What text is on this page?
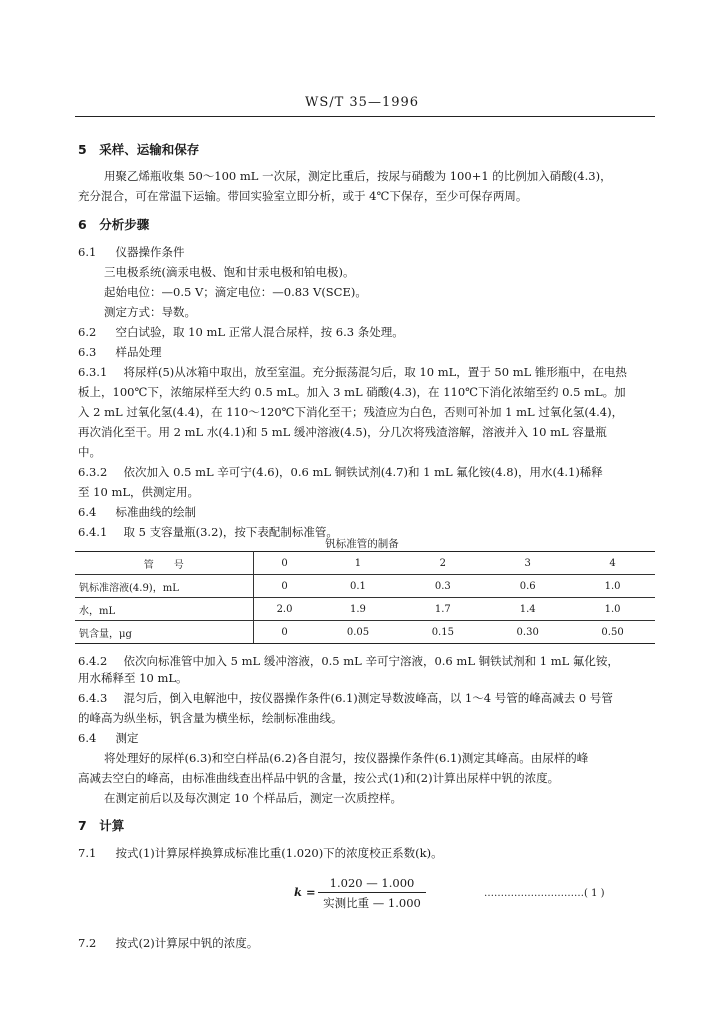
WS/T 35—1996
5　采样、运输和保存
用聚乙烯瓶收集 50～100 mL 一次尿，测定比重后，按尿与硝酸为 100+1 的比例加入硝酸(4.3)，
充分混合，可在常温下运输。带回实验室立即分析，或于 4℃下保存，至少可保存两周。
6　分析步骤
6.1　 仪器操作条件
三电极系统(滴汞电极、饱和甘汞电极和铂电极)。
起始电位：—0.5 V；滴定电位：—0.83 V(SCE)。
测定方式：导数。
6.2　 空白试验，取 10 mL 正常人混合尿样，按 6.3 条处理。
6.3　 样品处理
6.3.1　 将尿样(5)从冰箱中取出，放至室温。充分振荡混匀后，取 10 mL，置于 50 mL 锥形瓶中，在电热
板上，100℃下，浓缩尿样至大约 0.5 mL。加入 3 mL 硝酸(4.3)，在 110℃下消化浓缩至约 0.5 mL。加
入 2 mL 过氧化氢(4.4)，在 110～120℃下消化至干；残渣应为白色，否则可补加 1 mL 过氧化氢(4.4)，
再次消化至干。用 2 mL 水(4.1)和 5 mL 缓冲溶液(4.5)，分几次将残渣溶解，溶液并入 10 mL 容量瓶
中。
6.3.2　 依次加入 0.5 mL 辛可宁(4.6)，0.6 mL 铜铁试剂(4.7)和 1 mL 氟化铵(4.8)，用水(4.1)稀释
至 10 mL，供测定用。
6.4　 标准曲线的绘制
6.4.1　 取 5 支容量瓶(3.2)，按下表配制标准管。
钒标准管的制备
管　　号	0	1	2	3	4
钒标准溶液(4.9)，mL	0	0.1	0.3	0.6	1.0
水，mL	2.0	1.9	1.7	1.4	1.0
钒含量，μg	0	0.05	0.15	0.30	0.50
6.4.2　 依次向标准管中加入 5 mL 缓冲溶液，0.5 mL 辛可宁溶液，0.6 mL 铜铁试剂和 1 mL 氟化铵，
用水稀释至 10 mL。
6.4.3　 混匀后，倒入电解池中，按仪器操作条件(6.1)测定导数波峰高，以 1～4 号管的峰高减去 0 号管
的峰高为纵坐标，钒含量为横坐标，绘制标准曲线。
6.4　 测定
将处理好的尿样(6.3)和空白样品(6.2)各自混匀，按仪器操作条件(6.1)测定其峰高。由尿样的峰
高减去空白的峰高，由标准曲线查出样品中钒的含量，按公式(1)和(2)计算出尿样中钒的浓度。
在测定前后以及每次测定 10 个样品后，测定一次质控样。
7　计算
7.1　 按式(1)计算尿样换算成标准比重(1.020)下的浓度校正系数(k)。
k =
1.020 — 1.000
实测比重 — 1.000
…………………………( 1 )
7.2　 按式(2)计算尿中钒的浓度。
